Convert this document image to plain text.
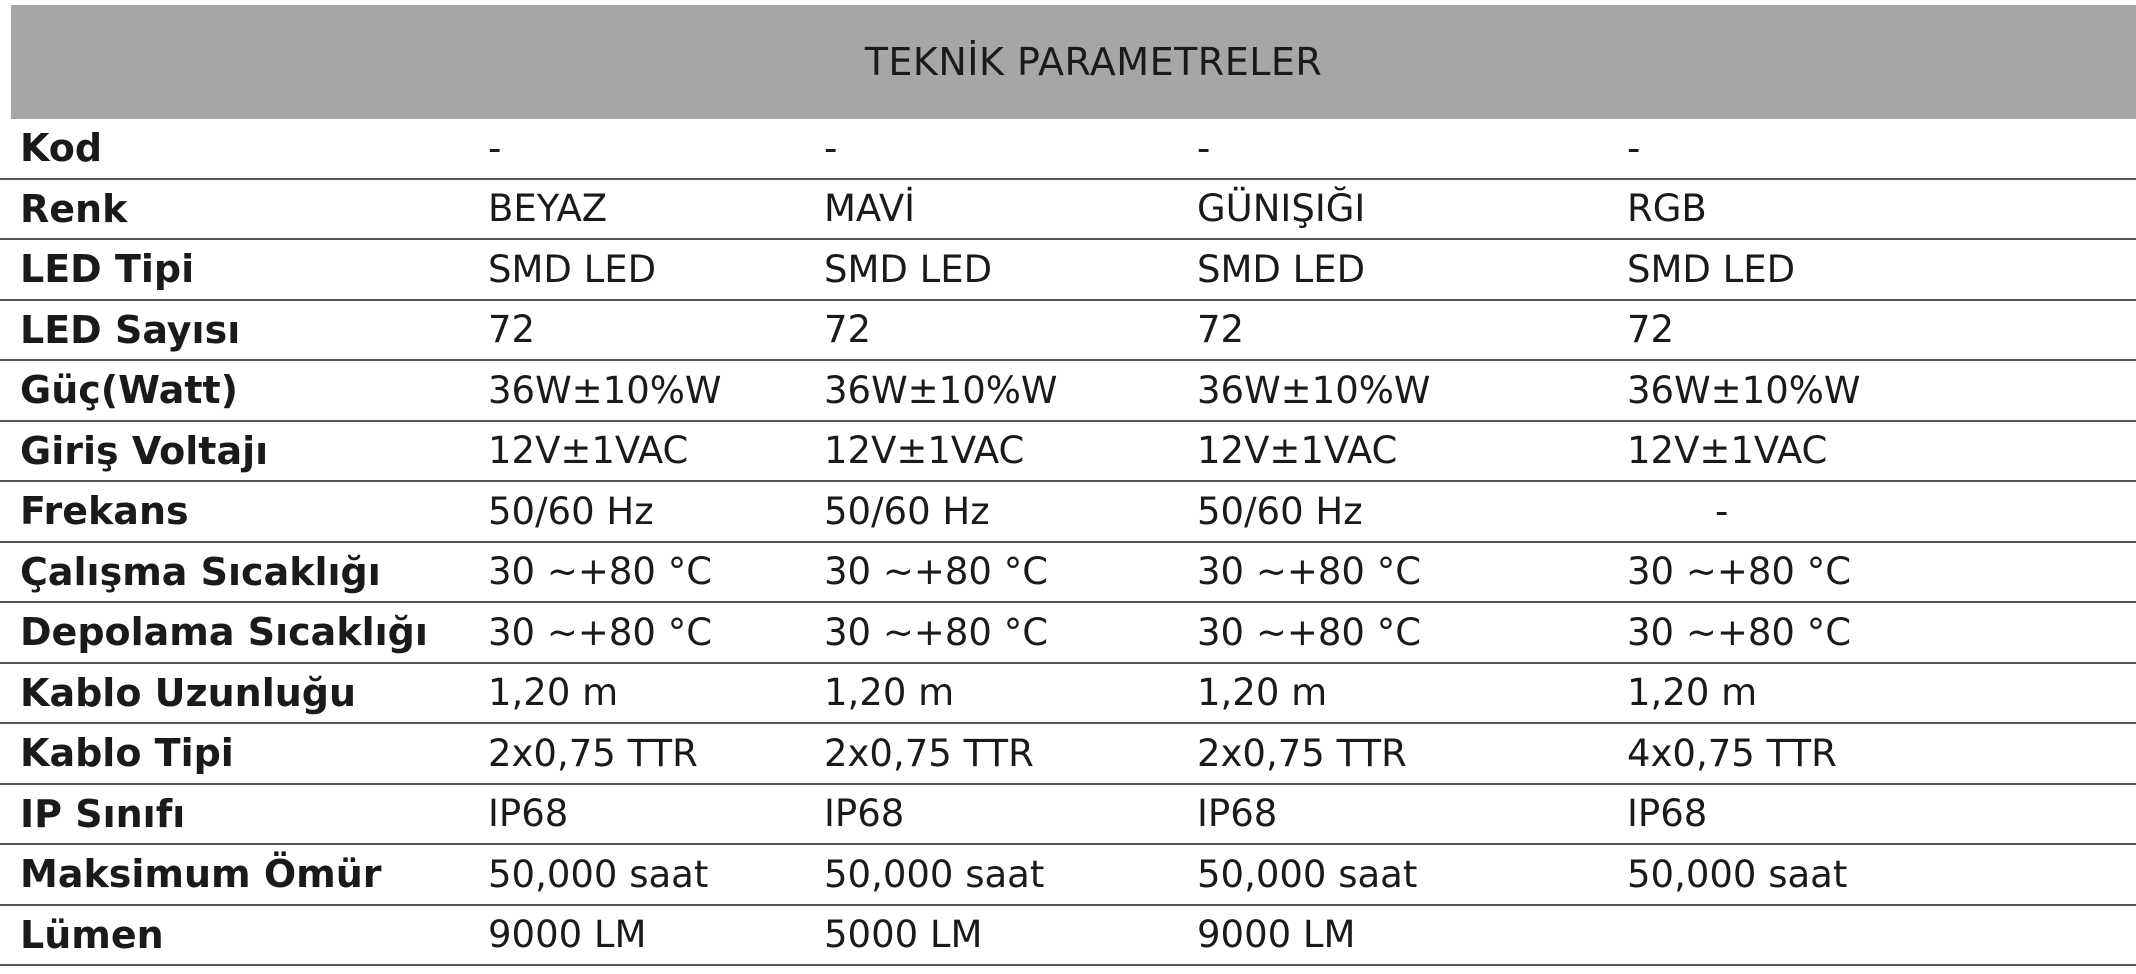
TEKNİK PARAMETRELER
Kod	-	-	-	-
Renk	BEYAZ	MAVİ	GÜNIŞIĞI	RGB
LED Tipi	SMD LED	SMD LED	SMD LED	SMD LED
LED Sayısı	72	72	72	72
Güç(Watt)	36W±10%W	36W±10%W	36W±10%W	36W±10%W
Giriş Voltajı	12V±1VAC	12V±1VAC	12V±1VAC	12V±1VAC
Frekans	50/60 Hz	50/60 Hz	50/60 Hz	-
Çalışma Sıcaklığı	30 ~+80 °C	30 ~+80 °C	30 ~+80 °C	30 ~+80 °C
Depolama Sıcaklığı 30 ~+80 °C	30 ~+80 °C	30 ~+80 °C	30 ~+80 °C
Kablo Uzunluğu	1,20 m	1,20 m	1,20 m	1,20 m
Kablo Tipi	2x0,75 TTR	2x0,75 TTR	2x0,75 TTR	4x0,75 TTR
IP Sınıfı	IP68	IP68	IP68	IP68
Maksimum Ömür	50,000 saat	50,000 saat	50,000 saat	50,000 saat
Lümen	9000 LM	5000 LM	9000 LM
